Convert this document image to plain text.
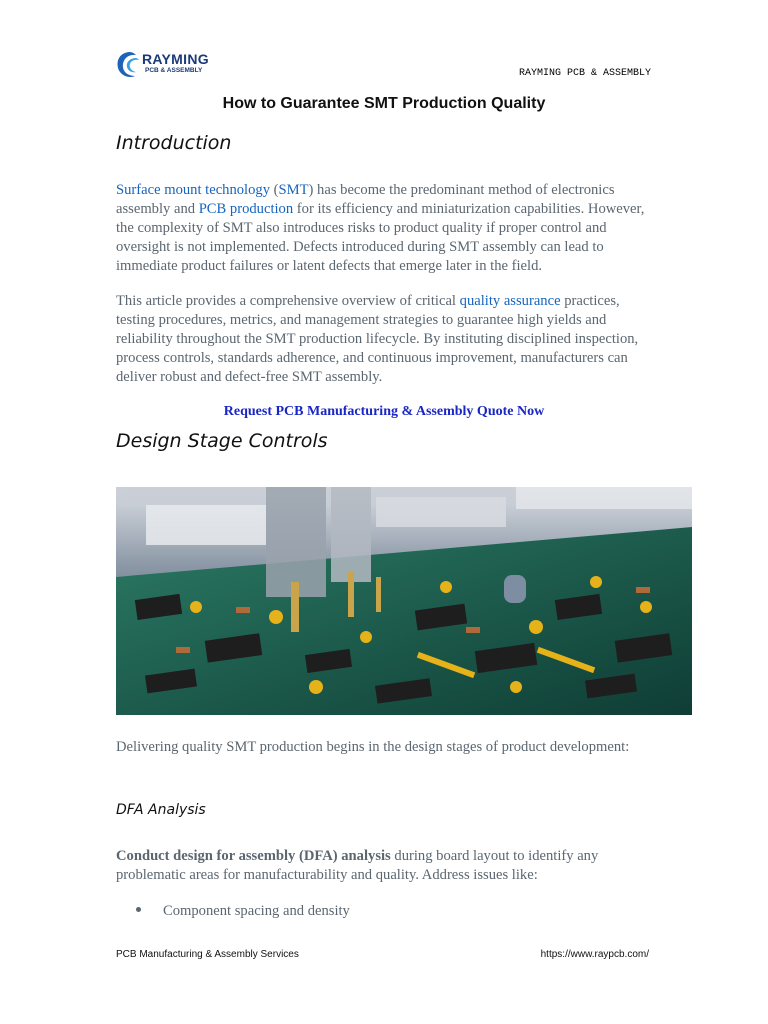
RAYMING
PCB & ASSEMBLY	RAYMING PCB & ASSEMBLY
How to Guarantee SMT Production Quality
Introduction
Surface mount technology (SMT) has become the predominant method of electronics assembly and PCB production for its efficiency and miniaturization capabilities. However, the complexity of SMT also introduces risks to product quality if proper control and oversight is not implemented. Defects introduced during SMT assembly can lead to immediate product failures or latent defects that emerge later in the field.
This article provides a comprehensive overview of critical quality assurance practices, testing procedures, metrics, and management strategies to guarantee high yields and reliability throughout the SMT production lifecycle. By instituting disciplined inspection, process controls, standards adherence, and continuous improvement, manufacturers can deliver robust and defect-free SMT assembly.
Request PCB Manufacturing & Assembly Quote Now
Design Stage Controls
Delivering quality SMT production begins in the design stages of product development:
DFA Analysis
Conduct design for assembly (DFA) analysis during board layout to identify any problematic areas for manufacturability and quality. Address issues like:
Component spacing and density
PCB Manufacturing & Assembly Services	https://www.raypcb.com/
